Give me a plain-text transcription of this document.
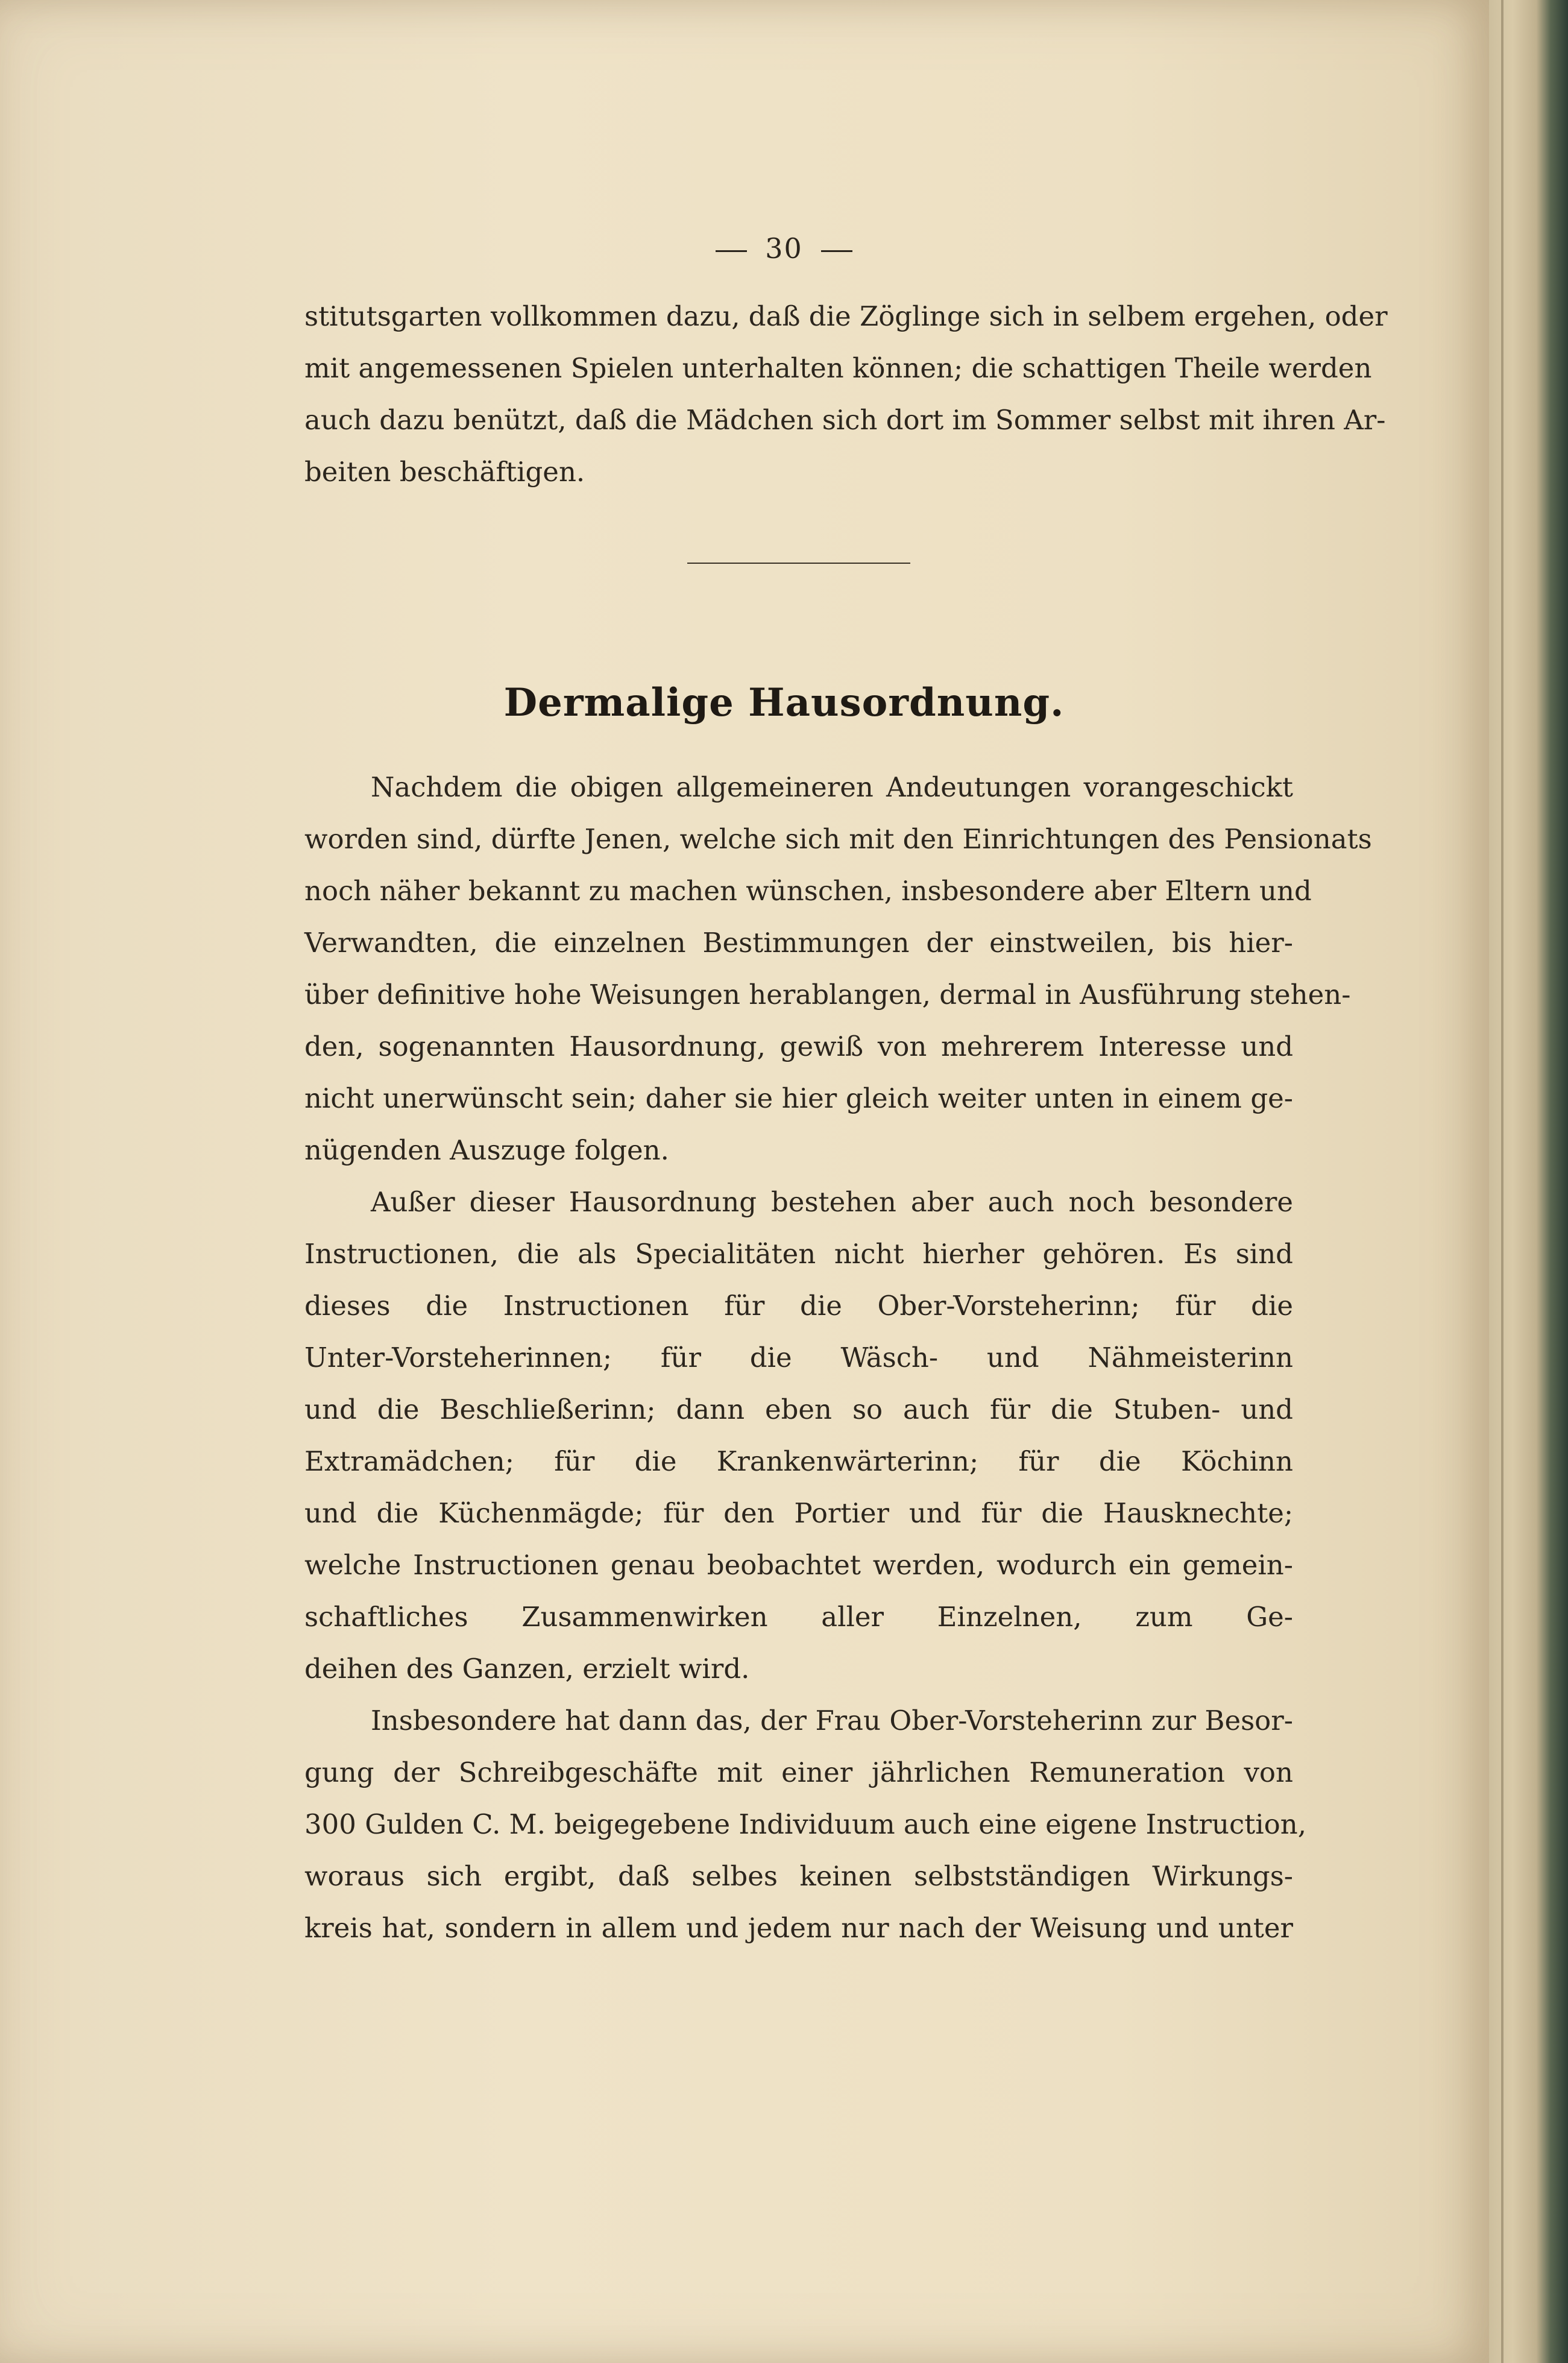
30
stitutsgarten vollkommen dazu, daß die Zöglinge sich in selbem ergehen, oder
mit angemessenen Spielen unterhalten können; die schattigen Theile werden
auch dazu benützt, daß die Mädchen sich dort im Sommer selbst mit ihren Ar-
beiten beschäftigen.
Dermalige Hausordnung.
Nachdem die obigen allgemeineren Andeutungen vorangeschickt
worden sind, dürfte Jenen, welche sich mit den Einrichtungen des Pensionats
noch näher bekannt zu machen wünschen, insbesondere aber Eltern und
Verwandten, die einzelnen Bestimmungen der einstweilen, bis hier-
über definitive hohe Weisungen herablangen, dermal in Ausführung stehen-
den, sogenannten Hausordnung, gewiß von mehrerem Interesse und
nicht unerwünscht sein; daher sie hier gleich weiter unten in einem ge-
nügenden Auszuge folgen.
Außer dieser Hausordnung bestehen aber auch noch besondere
Instructionen, die als Specialitäten nicht hierher gehören. Es sind
dieses die Instructionen für die Ober-Vorsteherinn; für die
Unter-Vorsteherinnen; für die Wäsch- und Nähmeisterinn
und die Beschließerinn; dann eben so auch für die Stuben- und
Extramädchen; für die Krankenwärterinn; für die Köchinn
und die Küchenmägde; für den Portier und für die Hausknechte;
welche Instructionen genau beobachtet werden, wodurch ein gemein-
schaftliches Zusammenwirken aller Einzelnen, zum Ge-
deihen des Ganzen, erzielt wird.
Insbesondere hat dann das, der Frau Ober-Vorsteherinn zur Besor-
gung der Schreibgeschäfte mit einer jährlichen Remuneration von
300 Gulden C. M. beigegebene Individuum auch eine eigene Instruction,
woraus sich ergibt, daß selbes keinen selbstständigen Wirkungs-
kreis hat, sondern in allem und jedem nur nach der Weisung und unter
